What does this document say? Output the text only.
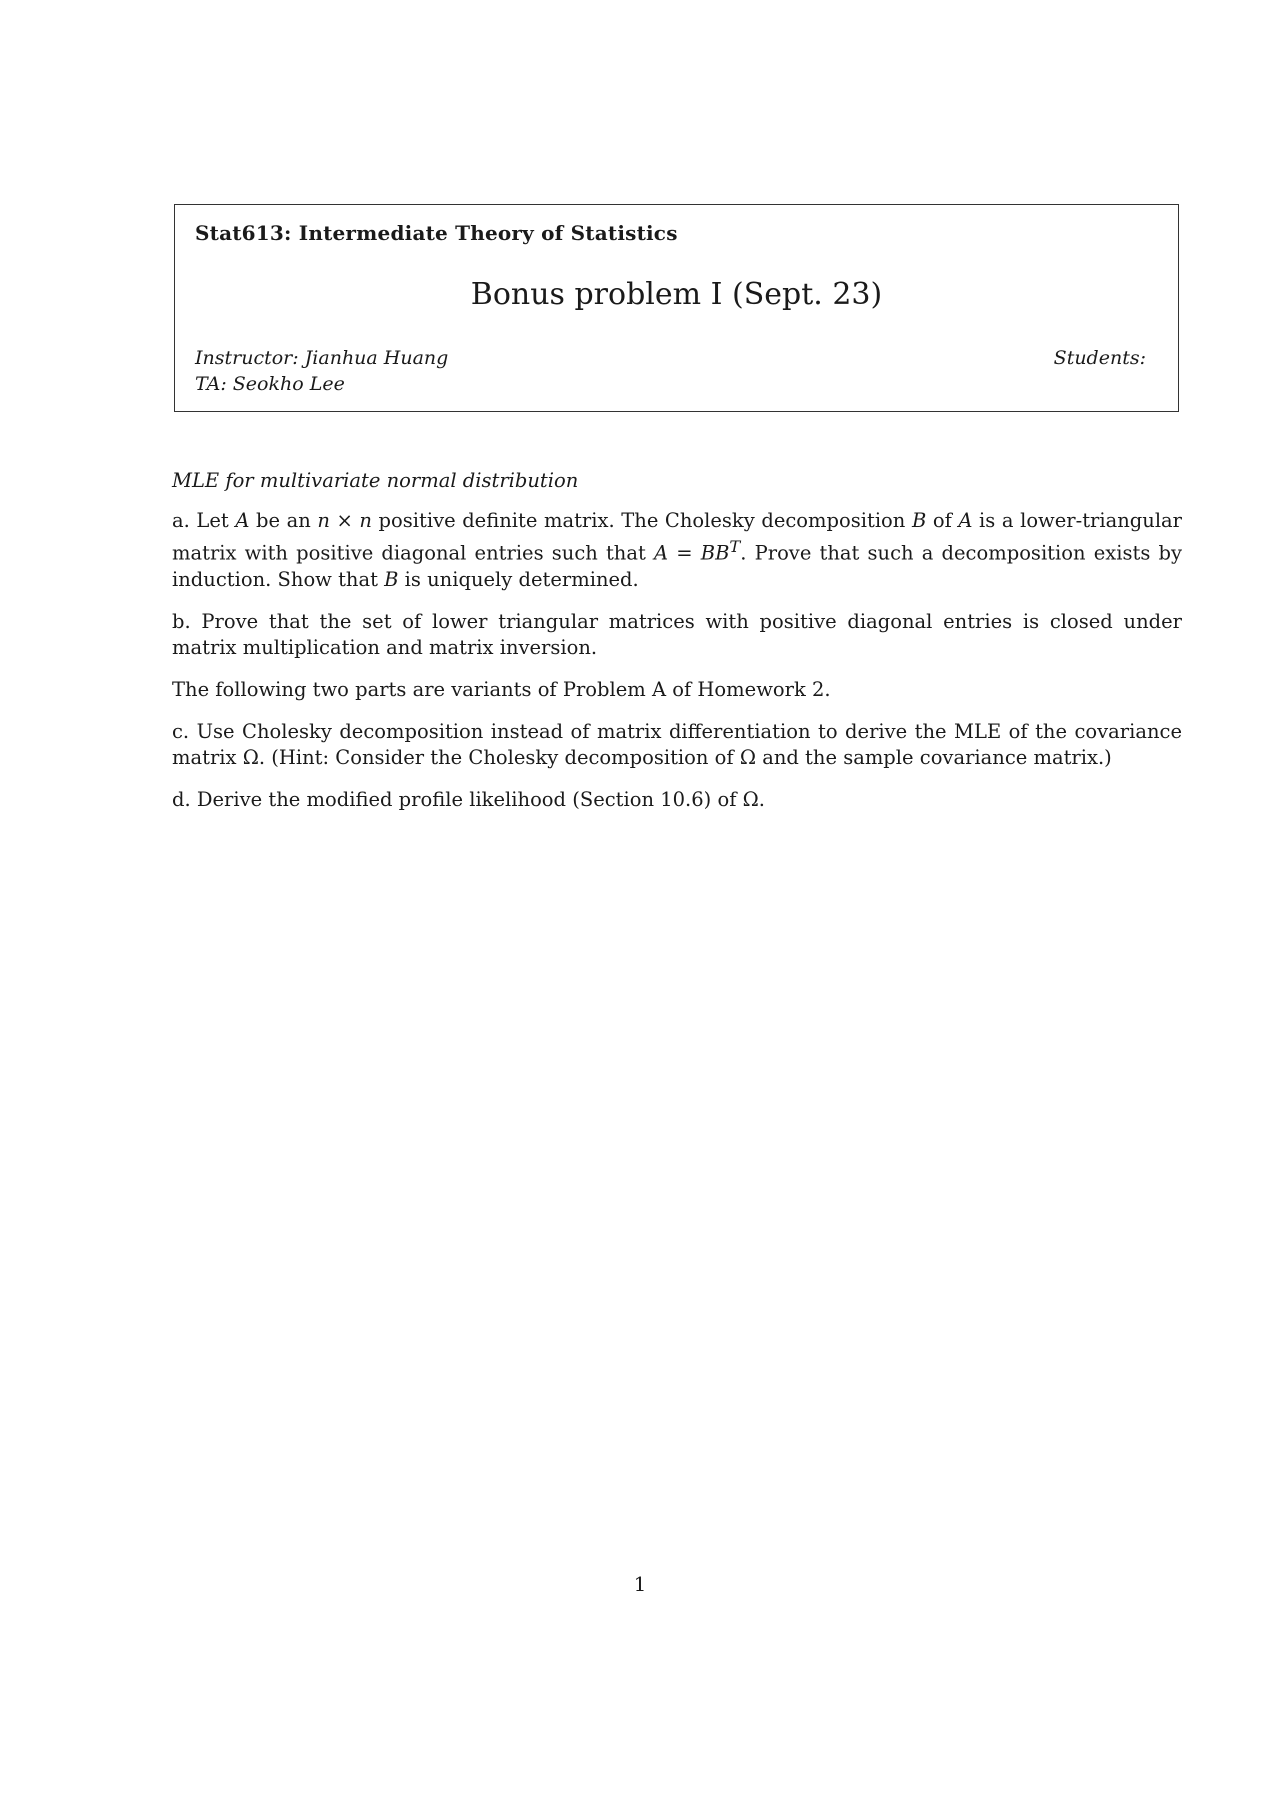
Stat613: Intermediate Theory of Statistics
Bonus problem I (Sept. 23)
Instructor: Jianhua Huang
TA: Seokho Lee
Students:

MLE for multivariate normal distribution

a. Let A be an n × n positive definite matrix. The Cholesky decomposition B of A is a lower-triangular matrix with positive diagonal entries such that $A = BB^T$. Prove that such a decomposition exists by induction. Show that B is uniquely determined.

b. Prove that the set of lower triangular matrices with positive diagonal entries is closed under matrix multiplication and matrix inversion.

The following two parts are variants of Problem A of Homework 2.

c. Use Cholesky decomposition instead of matrix differentiation to derive the MLE of the covariance matrix Ω. (Hint: Consider the Cholesky decomposition of Ω and the sample covariance matrix.)

d. Derive the modified profile likelihood (Section 10.6) of Ω.

1
